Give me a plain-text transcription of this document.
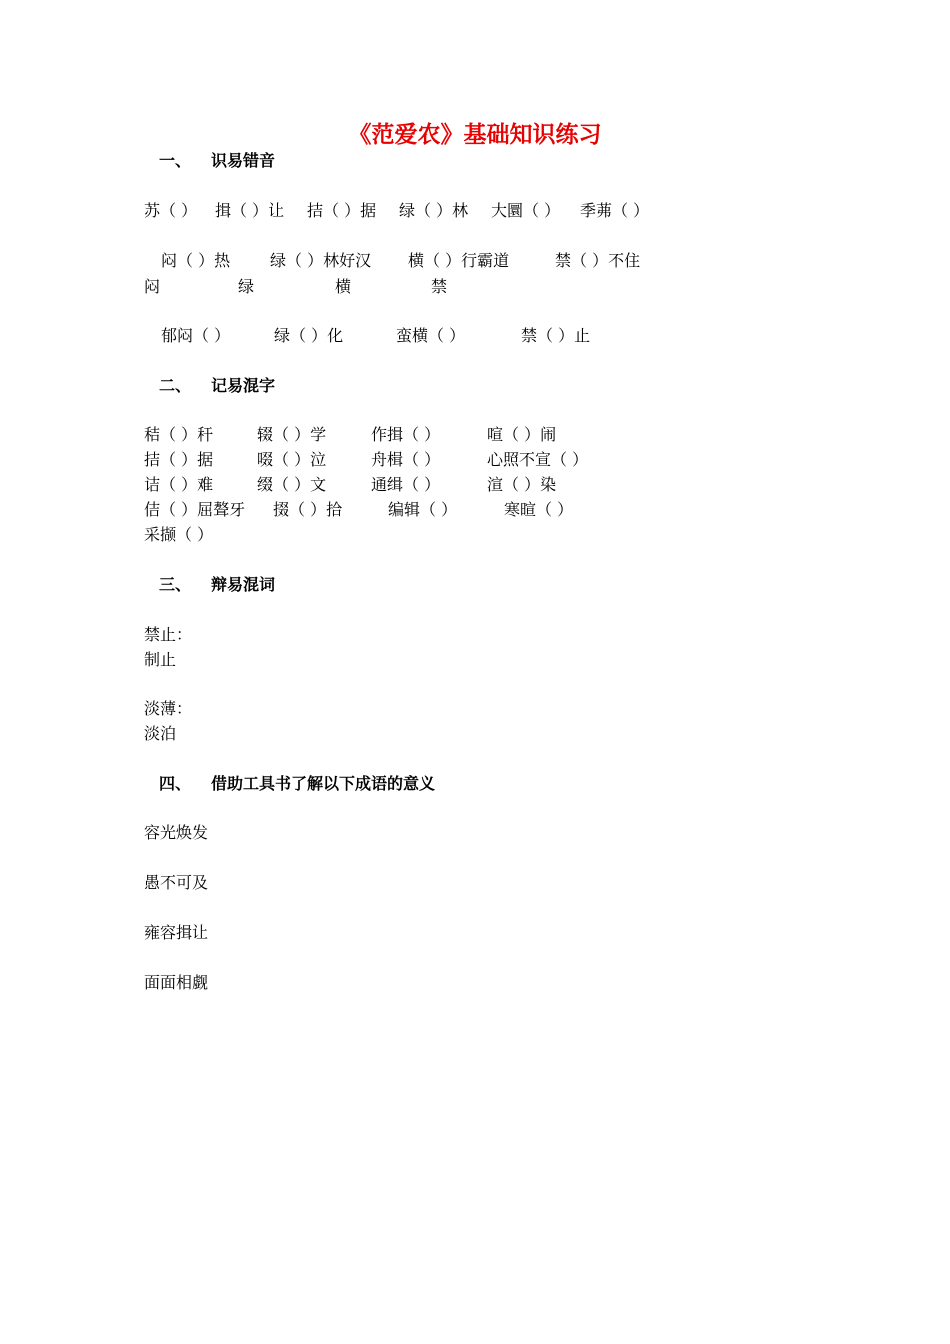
《范爱农》基础知识练习
一、 识易错音
苏（ ） 揖（ ）让 拮（ ）据 绿（ ）林 大圜（ ） 季茀（ ）
闷（ ）热 绿（ ）林好汉 横（ ）行霸道	禁（ ）不住
闷	绿	横	禁
郁闷（ ）	绿（ ）化	蛮横（ ）	禁（ ）止
二、 记易混字
秸（ ）秆	辍（ ）学	作揖（ ）	喧（ ）闹
拮（ ）据	啜（ ）泣	舟楫（ ）	心照不宣（ ）
诘（ ）难	缀（ ）文	通缉（ ）	渲（ ）染
佶（ ）屈聱牙 掇（ ）拾	编辑（ ）	寒暄（ ）
采撷（ ）
三、 辩易混词
禁止：
制止
淡薄：
淡泊
四、 借助工具书了解以下成语的意义
容光焕发
愚不可及
雍容揖让
面面相觑
